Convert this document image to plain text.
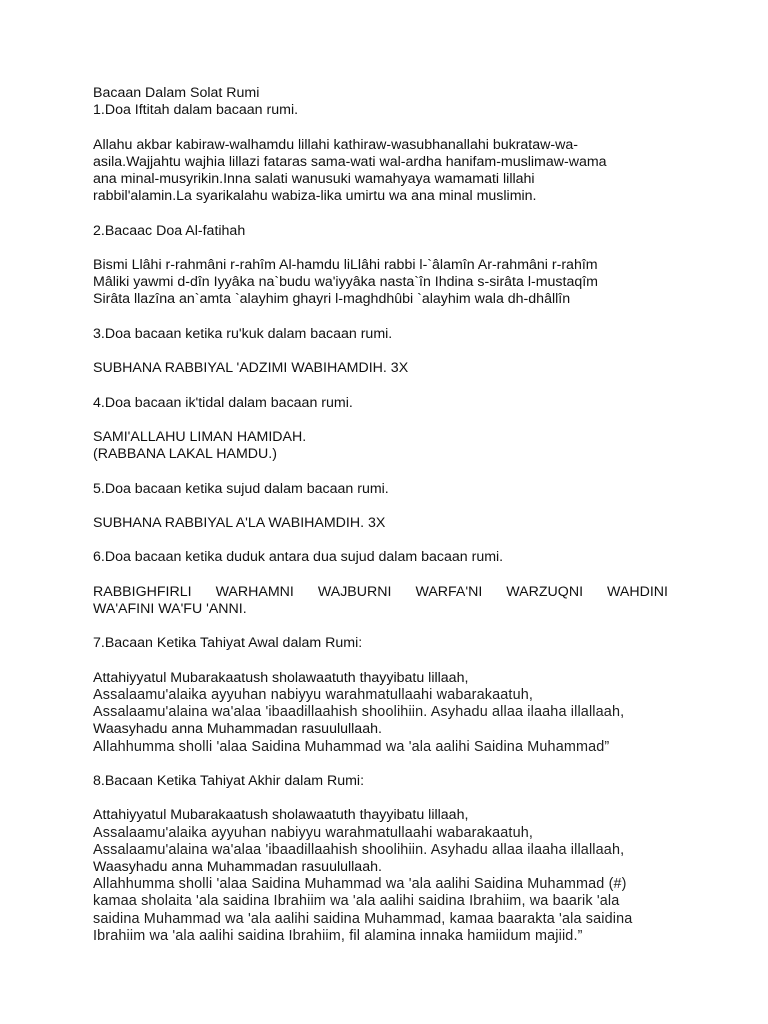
Bacaan Dalam Solat Rumi
1.Doa Iftitah dalam bacaan rumi.
Allahu akbar kabiraw-walhamdu lillahi kathiraw-wasubhanallahi bukrataw-wa-
asila.Wajjahtu wajhia lillazi fataras sama-wati wal-ardha hanifam-muslimaw-wama
ana minal-musyrikin.Inna salati wanusuki wamahyaya wamamati lillahi
rabbil'alamin.La syarikalahu wabiza-lika umirtu wa ana minal muslimin.
2.Bacaac Doa Al-fatihah
Bismi Llâhi r-rahmâni r-rahîm Al-hamdu liLlâhi rabbi l-`âlamîn Ar-rahmâni r-rahîm
Mâliki yawmi d-dîn Iyyâka na`budu wa'iyyâka nasta`în Ihdina s-sirâta l-mustaqîm
Sirâta llazîna an`amta `alayhim ghayri l-maghdhûbi `alayhim wala dh-dhâllîn
3.Doa bacaan ketika ru'kuk dalam bacaan rumi.
SUBHANA RABBIYAL 'ADZIMI WABIHAMDIH. 3X
4.Doa bacaan ik'tidal dalam bacaan rumi.
SAMI'ALLAHU LIMAN HAMIDAH.
(RABBANA LAKAL HAMDU.)
5.Doa bacaan ketika sujud dalam bacaan rumi.
SUBHANA RABBIYAL A'LA WABIHAMDIH. 3X
6.Doa bacaan ketika duduk antara dua sujud dalam bacaan rumi.
RABBIGHFIRLI WARHAMNI WAJBURNI WARFA'NI WARZUQNI WAHDINI
WA'AFINI WA'FU 'ANNI.
7.Bacaan Ketika Tahiyat Awal dalam Rumi:
Attahiyyatul Mubarakaatush sholawaatuth thayyibatu lillaah,
Assalaamu'alaika ayyuhan nabiyyu warahmatullaahi wabarakaatuh,
Assalaamu'alaina wa'alaa 'ibaadillaahish shoolihiin. Asyhadu allaa ilaaha illallaah,
Waasyhadu anna Muhammadan rasuulullaah.
Allahhumma sholli 'alaa Saidina Muhammad wa 'ala aalihi Saidina Muhammad”
8.Bacaan Ketika Tahiyat Akhir dalam Rumi:
Attahiyyatul Mubarakaatush sholawaatuth thayyibatu lillaah,
Assalaamu'alaika ayyuhan nabiyyu warahmatullaahi wabarakaatuh,
Assalaamu'alaina wa'alaa 'ibaadillaahish shoolihiin. Asyhadu allaa ilaaha illallaah,
Waasyhadu anna Muhammadan rasuulullaah.
Allahhumma sholli 'alaa Saidina Muhammad wa 'ala aalihi Saidina Muhammad (#)
kamaa sholaita 'ala saidina Ibrahiim wa 'ala aalihi saidina Ibrahiim, wa baarik 'ala
saidina Muhammad wa 'ala aalihi saidina Muhammad, kamaa baarakta 'ala saidina
Ibrahiim wa 'ala aalihi saidina Ibrahiim, fil alamina innaka hamiidum majiid.”
